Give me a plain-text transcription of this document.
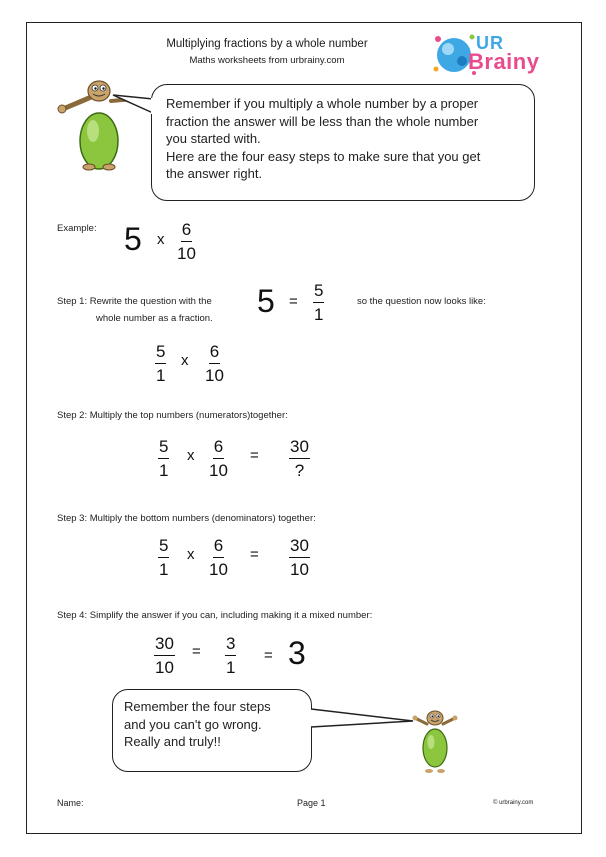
Multiplying fractions by a whole number
Maths worksheets from urbrainy.com
UR
Brainy
Remember if you multiply a whole number by a proper
fraction the answer will be less than the whole number
you started with.
Here are the four easy steps to make sure that you get
the answer right.
Example: 5 x $\frac{6}{10}$
Step 1: Rewrite the question with the
whole number as a fraction. $5 = \frac{5}{1}$	so the question now looks like:
$\frac{5}{1}$ x $\frac{6}{10}$
Step 2: Multiply the top numbers (numerators)together:
$\frac{5}{1}$ x $\frac{6}{10} = 30$
?
Step 3: Multiply the bottom numbers (denominators) together:
$\frac{5}{1}$ x $\frac{6}{10} = \frac{30}{10}$
Step 4: Simplify the answer if you can, including making it a mixed number:
$\frac{30}{10} = \frac{3}{1} = 3$
Remember the four steps
and you can't go wrong.
Really and truly!!
Name:	Page 1	© urbrainy.com
